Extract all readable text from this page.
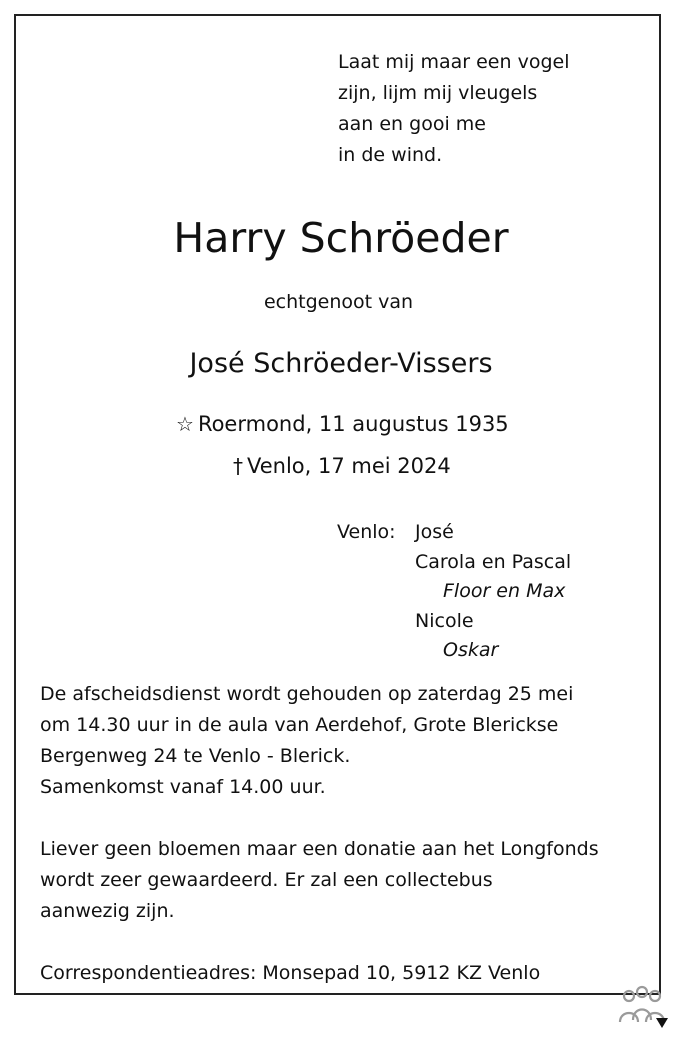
Laat mij maar een vogel
zijn, lijm mij vleugels
aan en gooi me
in de wind.
Harry Schröeder
echtgenoot van
José Schröeder-Vissers
☆ Roermond, 11 augustus 1935
† Venlo, 17 mei 2024
Venlo: José
Carola en Pascal
Floor en Max
Nicole
Oskar
De afscheidsdienst wordt gehouden op zaterdag 25 mei
om 14.30 uur in de aula van Aerdehof, Grote Blerickse
Bergenweg 24 te Venlo - Blerick.
Samenkomst vanaf 14.00 uur.
Liever geen bloemen maar een donatie aan het Longfonds
wordt zeer gewaardeerd. Er zal een collectebus
aanwezig zijn.
Correspondentieadres: Monsepad 10, 5912 KZ Venlo
